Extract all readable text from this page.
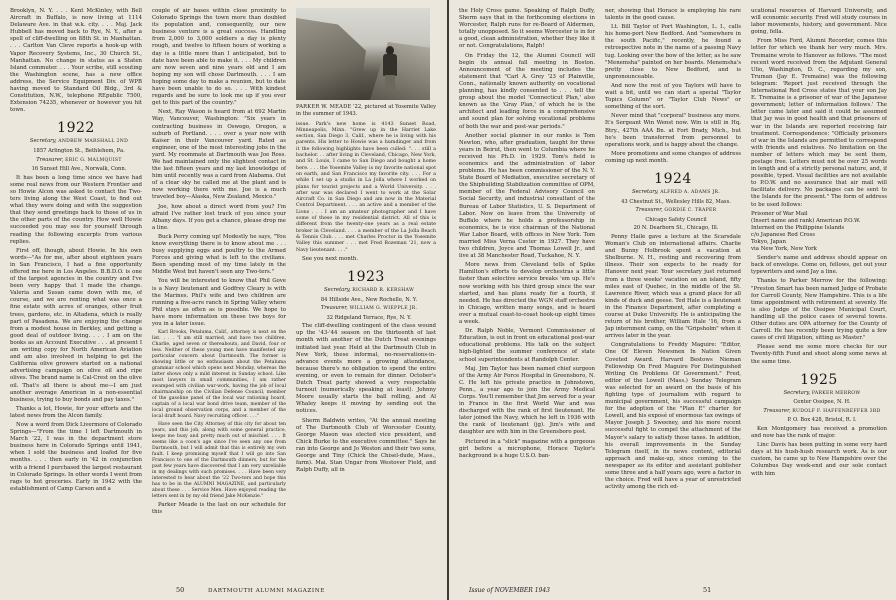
Brooklyn, N. Y. . . . Kent McKinley, with Bell Aircraft in Buffalo, is now living at 1114 Delaware Ave. in that w.k. city. . . . Maj. Jack Hubbell has moved back to Rye, N. Y., after a spell of cliff-dwelling on 88th St. in Manhattan. . . . Carlton Van Cleve reports a hook-up with Vapor Recovery Systems, Inc., 30 Church St., Manhattan. No change in status as a Staten Island commuter. . . . Your scribe, still scouting the Washington scene, has a new office address, the Service Equipment Div. of WPB having moved to Standard Oil Bldg., 3rd & Constitution, N.W., telephone REpublic 7500, Extension 74235, whenever or however you hit town.

1922

Secretary, ANDREW MARSHALL 2ND

1857 Arlington St., Bethlehem, Pa.

Treasurer, ERIC G. MALMQUIST

16 Sunset Hill Ave., Norwalk, Conn.

It has been a long time since we have had some real news from our Western Frontier and so Howie Alcon was asked to contact the Two-ters living along the West Coast, to find out what they were doing and with the suggestion that they send greetings back to those of us in the other parts of the country. How well Howie succeeded you may see for yourself through reading the following excerpts from various replies.

First off, though, about Howie. In his own words—"As for me, after about eighteen years in San Francisco, I had a fine opportunity offered me here in Los Angeles. B.B.D.O. is one of the largest agencies in the country and I've been very happy that I made the change. Valeria and Susan came down with me, of course, and we are renting what was once a fine estate with acres of oranges, other fruit trees, gardens, etc. in Altadena, which is really part of Pasadena. We are enjoying the change from a modest house in Berkley, and getting a good deal of outdoor living. . . . I am on the books as an Account Executive . . . at present I am writing copy for North American Aviation and am also involved in helping to get the California olive growers started on a national advertising campaign on olive oil and ripe olives. The brand name is Cal-Crest on the olive oil. That's all there is about me—I am just another average American in a non-essential business, trying to buy bonds and pay taxes."

Thanks a lot, Howie, for your efforts and the latest news from the Alcon family.

Now a word from Dick Livermore of Colorado Springs—"From the time I left Dartmouth in March '22, I was in the department store business here in Colorado Springs until 1941, when I sold the business and loafed for five months. . . . then early in '42 in conjunction with a friend I purchased the largest restaurant in Colorado Springs. In other words I went from rags to hot groceries. Early in 1942 with the establishment of Camp Carson and a

couple of air bases within close proximity to Colorado Springs the town more than doubled its population and, consequently, our new business venture is a great success. Handling from 2,000 to 3,000 soldiers a day is plenty rough, and twelve to fifteen hours of working a day is a little more than I anticipated, but to date have been able to make it. . . . My children are now seven and nine years old and I am hoping my son will chose Dartmouth. . . . I am hoping some day to make a reunion, but to date have been unable to do so. . . . With kindest regards and be sure to look me up if you ever get to this part of the country."

Next, Ray Wason is heard from at 692 Martin Way, Vancouver, Washington: "Six years in contracting business in Oswego, Oregon, a suburb of Portland. . . . over a year now with Kaiser in their Vancouver yard. Rated as engineer, one of the most interesting jobs in the yard. My roommate at Dartmouth was Joe Ross. We had maintained only the slightest contact in the last fifteen years and my last knowledge of him until recently was a card from Alabama. Out of a clear sky he called me at the plant and is now working there with me. Joe is a much traveled boy—Alaska, New Zealand, Mexico."

Joe, how about a direct word from you? I'm afraid I've rather lost track of you since your Albany days. If you get a chance, please drop me a line.

Buck Perry coming up! Modestly he says, "You know everything there is to know about me . . . busy supplying eggs and poultry to the Armed Forces and giving what is left to the civilians. Been spending most of my time lately in the Middle West but haven't seen any Two-ters."

You will be interested to know that Phil Gove is a Navy lieutenant and Godfrey Cleary is with the Marines. Phil's wife and two children are running a five-acre ranch in Spring Valley where Phil stays as often as is possible. We hope to have more information on these two boys for you in a later issue.

Karl Brooks, Petaluma, Calif., attorney is next on the list. . . . "I am still married, and have two children, Charlie, aged seven or thereabouts, and David, four or less. Neither of these young men have manifested any particular concern about Dartmouth. The former is showing little or no enthusiasm about the Petaluma grammar school which opens next Monday, whereas the latter shows only a mild interest in Sunday school. Like most lawyers in small communities, I am rather swamped with civilian war-work, having the job of local chairmanship on the Civilian Defense Council, member of the gasoline panel of the local war rationing board, captain of a local war bond drive team, member of the local ground observation corps, and a member of the local draft board. Navy recruiting officer. . . ."

Have seen the City Attorney of this city for about ten years, and this job, along with some general practice, keeps me busy and pretty much out of mischief. . . . It seems like a coon's age since I've seen any one from Dartmouth, but I will admit that this is entirely my own fault. I keep promising myself that I will go into San Francisco to one of the Dartmouth dinners, but for the past few years have discovered that I am very unreliable in my dealings with such promises. . . . Have been very interested to hear about the '22 Two-ters and hope this has to be in the ALUMNI MAGAZINE, and particularly about these . . . Service Men. Have enjoyed reading the letters sent in by my old friend Jake McKenzie."

Parker Meade is the last on our schedule for this

PARKER W. MEADE '22, pictured at Yosemite Valley in the summer of 1943.

issue. Park's new home is 4143 Sunset Road, Minneapolis, Minn. "Grew up in the Harriet Lake section, San Diego 3, Calif., where he is living with his parents. His letter to Howie was a humdinger and from it the following highlights have been culled: ". . . still a bachelor. . . after living in Cleveland, Chicago, New York, and St. Louis, I came to San Diego and bought a home here. . . . the Yosemite Valley is my favorite national spot on earth, and San Francisco my favorite city. . . . For a while I set up a studio in La Jolla where I worked on plans for tourist projects and a World University. . . . after war was declared I went to work at the Solar Aircraft Co. in San Diego and am now in the Material Control Department. . . . an active and a member of the Lions . . . I am an amateur photographer and I have some of these in my residential district. All of this is different from the twenty-one years as a real estate broker in Cleveland. . . . a member of the La Jolla Beach & Tennis Club. . . . met Charles Proctor in the Yosemite Valley this summer . . . met Fred Bozeman '21, now a Navy lieutenant. . . ."

See you next month.

1923

Secretary, RICHARD R. KERSHAW

84 Hillside Ave., New Rochelle, N. Y.

Treasurer, WILLIAM G. WIEPPLE JR.

32 Ridgeland Terrace, Rye, N. Y.

The cliff-dwelling contingent of the class wound up the '43-'44 season on the thirteenth of last month with another of the Dutch Treat evenings initiated last year. Held at the Dartmouth Club in New York, these informal, no-reservations-in-advance events more a growing attendance, because there's no obligation to spend the entire evening, or even to remain for dinner. October's Dutch Treat party showed a very respectable turnout (numerically speaking at least). Johnny Moore usually starts the ball rolling, and Al Whaley keeps it moving by sending out the notices.

Sherm Baldwin writes, "At the annual meeting of The Dartmouth Club of Worcester County, George Mason was elected vice president, and Chick Burke to the executive committee." Says he ran into George and Jo Weston and their two sons, George and Tiny (Chick the Chisel-dude, Mass., farm). Mai. Stan Ungar from Westover Field, and Ralph Duffy, all in

50	DARTMOUTH ALUMNI MAGAZINE

the Holy Cross game. Speaking of Ralph Duffy, Sherm says that in the forthcoming elections in Worcester, Ralph runs for re-Board of Aldermen, totally unopposed. So it seems Worcester is in for a good, clean administration, whether they like it or not. Congratulations, Ralph!

On Friday the 12, the Alumni Council will begin its annual fall meeting in Boston. Announcement of the meeting includes the statement that "Carl A. Grey '23 of Plainville, Conn., nationally known authority on vocational planning, has kindly consented to . . . tell the group about the model 'Connecticut Plan,' also known as the 'Gray Plan,' of which he is the architect and leading force in a comprehensive and sound plan for solving vocational problems of both the war and post-war periods."

Another social planner in our ranks is Tom Newton, who, after graduation, taught for three years in Beirut, then went to Columbia where he received his Ph.D. in 1929. Tom's field is economics and the administration of labor problems. He has been commissioner of the N. Y. State Board of Mediation, executive secretary of the Shipbuilding Stabilization committee of OPM, member of the Federal Advisory Council on Social Security, and industrial consultant of the Bureau of Labor Statistics, U. S. Department of Labor. Now on leave from the University of Buffalo where he holds a professorship in economics, he is vice chairman of the National War Labor Board, with offices in New York. Tom married Miss Verna Custer in 1927. They have two children, Joyce and Thomas Lowell Jr., and live at 38 Manchester Road, Tuckahoe, N. Y.

More news from Cleveland tells of Spike Hamilton's efforts to develop orchestras a little faster than selective service breaks 'em up. He's now working with his third group since the war started, and has plans ready for a fourth, if needed. He has directed the WGN staff orchestra in Chicago, written many songs, and is heard over a mutual coast-to-coast hook-up eight times a week.

Dr. Ralph Noble, Vermont Commissioner of Education, is out in front on educational post-war educational problems. His talk on the subject high-lighted the summer conference of state school superintendents at Randolph Center.

Maj. Jim Taylor has been named chief surgeon of the Army Air Force Hospital in Greensboro, N. C. He left his private practice in Johnstown, Penn., a year ago to join the Army Medical Corps. You'll remember that Jim served for a year in France in the first World War and was discharged with the rank of first lieutenant. He later joined the Navy, which he left in 1936 with the rank of lieutenant (jg). Jim's wife and daughter are with him in the Greensboro post.

Pictured in a "slick" magazine with a gorgeous girl before a microphone, Horace Taylor's background is a huge U.S.O. ban-

ner, showing that Horace is employing his rare talents in the good cause.

Lt. Bill Taylor of Port Washington, L. I., calls his home-port New Bedford. And "somewhere in the south Pacific," recently, he found a retrospective note in the name of a passing Navy tug. Looking over the bow of the letter, as he saw "Menemsha" painted on her boards. Menemsha's pretty close to New Bedford, and is unpronounceable.

And now the rest of you Taylors will have to wait a bit, until we can start a special "Taylor Topics Column" or "Taylor Club News" or something of the sort.

Never mind that "corporal" business any more. It's Sergeant Win Wenst now. Win is still in Hq. Btry., 427th AAA Bn. at Fort Brady, Mich., but he's been transferred from personnel to operations work, and is happy about the change.

More promotions and some changes of address coming up next month.

1924

Secretary, ALFRED A. ADAMS JR.

43 Chestnut St., Wellesley Hills 82, Mass.

Treasurer, GORDIE C. TRAPER

Chicago Safety Council

20 N. Dearborn St., Chicago, Ill.

Penny Haile gave a lecture at the Scarsdale Woman's Club on international affairs. Charlie and Bunny Holbrook spent a vacation at Shelburne. N. H., resting and recovering from illness. Their son expects to be ready for Hanover next year. Your secretary just returned from a three weeks' vacation on an island, fifty miles east of Quebec, in the middle of the St. Lawrence River, which was a grand place for all kinds of duck and geese. Ted Hale is a lieutenant in the Finance Department, after completing a course at Duke University. He is anticipating the return of his brother, William Hale '16, from a Jap internment camp, on the "Gripsholm" when it arrives later in the year.

Congratulations to Freddy Maguire: "Editor, One Of Eleven Newsmen In Nation Given Coveted Award. Harvard Bestows Nieman Fellowship On Fred Maguire For Distinguished Writing On Problems Of Government." Fred, editor of the Lowell (Mass.) Sunday Telegram was selected for an award on the basis of his fighting type of journalism with regard to municipal government, his successful campaign for the adoption of the "Plan E" charter for Lowell, and his exposé of enormous tax owings of Mayor Joseph J. Sweeney, and his more recent successful fight to compel the attachment of the Mayor's salary to satisfy those taxes. In addition, his overall improvements in the Sunday Telegram itself, in its news content, editorial approach and make-up, since coming to the newspaper as its editor and assistant publisher some three and a half years ago, were a factor in the choice. Fred will have a year of unrestricted activity among the rich ed-

ucational resources of Harvard University, and will economic security. Fred will study courses in labor movements, history, and government. Nice going, fella.

From Miss Ford, Alumni Recorder, comes this letter for which we thank her very much. Mrs. Tremaine wrote to Hanover as follows. "The most recent word received from the Adjutant General Ulio, Washington, D. C., regarding my son, Truman (Jay E. Tremaine) was the following telegram: 'Report just received through the International Red Cross states that your son Jay E. Tremaine is a prisoner of war of the Japanese government; letter of information follows.' The letter came later and said it could be assumed that Jay was in good health and that prisoners of war in the Islands are reported receiving fair treatment. Correspondence: "Officially prisoners of war in the Islands are permitted to correspond with friends and relatives. No limitation on the number of letters which may be sent them, postage free. Letters must not be over 25 words in length and of a strictly personal nature, and, if possible, typed. Visual facilities are not available to P.O.W. and no assurance that air mail will facilitate delivery. No packages can be sent to the Islands for the present." The form of address to be used follows:

Prisoner of War Mail
(Insert name and rank) American P.O.W.
Interned on the Philippine Islands
c/o Japanese Red Cross
Tokyo, Japan
via New York, New York

Sender's name and address should appear on back of envelope. Come on, fellows, get out your typewriters and send Jay a line.

Thanks to Parker Merrow for the following: "Preston Smart has been named Judge of Probate for Carroll County, New Hampshire. This is a life time appointment with retirement at seventy. He is also Judge of the Ossipee Municipal Court, handling all the police cases of several towns. Other duties are OPA attorney for the County of Carroll. He has recently been trying quite a few cases of civil litigation, sitting as Master."

Please send me some more checks for our Twenty-fifth Fund and shoot along some news at the same time.

1925

Secretary, PARKER MERROW

Center Ossipee, N. H.

Treasurer, RUDOLF F. HAFFENREFFER 3RD

P. O. Box 428, Bristol, R. I.

Ken Montgomery has received a promotion and now has the rank of major.

Linc Davis has been putting in some very hard days at his hush-hush research work. As is our custom, he came up to New Hampshire over the Columbus Day week-end and our sole contact with him

Issue of NOVEMBER 1943	51
